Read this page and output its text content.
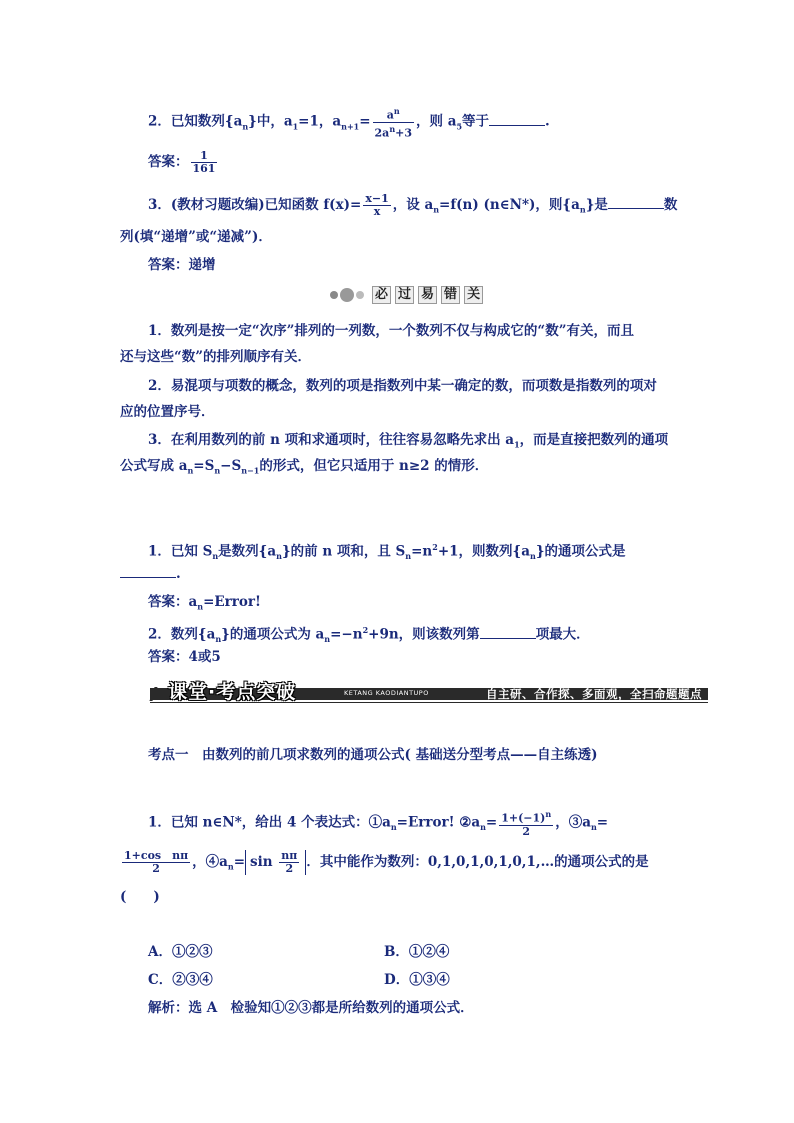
2．已知数列$\{a_n\}$中，$a_1=1$，$a_{n+1}= \frac{a^n}{2a^n+3}$ ，则 $a_5$等于	.
答案： $\frac{1}{161}$
3．(教材习题改编)已知函数 $f(x)= \frac{x-1}{x}$ ，设 $a_n=f(n)$ (n∈N*)，则$\{a_n\}$是	数
列(填“递增”或“递减”)．
答案：递增
必 过 易 错 关
1．数列是按一定“次序”排列的一列数，一个数列不仅与构成它的“数”有关，而且
还与这些“数”的排列顺序有关．
2．易混项与项数的概念，数列的项是指数列中某一确定的数，而项数是指数列的项对
应的位置序号．
3．在利用数列的前 n 项和求通项时，往往容易忽略先求出 $a_1$，而是直接把数列的通项
公式写成 $a_n=S_n-S_{n-1}$的形式，但它只适用于 n≥2 的情形．
1．已知 $S_n$是数列$\{a_n\}$的前 n 项和，且 $S_n=n^2+1$，则数列$\{a_n\}$的通项公式是
.
答案：$a_n=Error$!
2．数列$\{a_n\}$的通项公式为 $a_n=-n^2+9n$，则该数列第	项最大．
答案：4或5
课堂·考点突破	KETANG KAODIANTUPO	自主研、合作探、多面观，全扫命题题点
考点一　由数列的前几项求数列的通项公式( 基础送分型考点——自主练透)
1．已知 n∈N*，给出 4 个表达式：$①a_n=Error$! $②a_n= \frac{1+(-1)^n}{2}$ ，$③a_n=$
$\frac{\text{1+cos　nπ}}{2}$ ，$④a_n= \sin \frac{n\pi}{2}$ ．其中能作为数列：0,1,0,1,0,1,0,1,…的通项公式的是
(　　)
A．①②③	B．①②④
C．②③④	D．①③④
解析：选 A　检验知①②③都是所给数列的通项公式．
